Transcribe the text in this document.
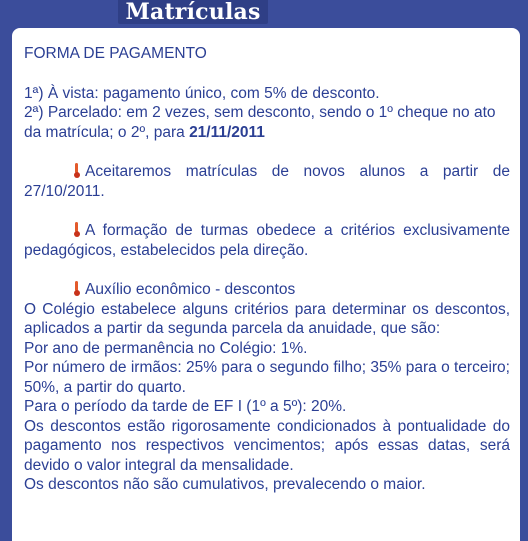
Matrículas

FORMA DE PAGAMENTO

1ª) À vista: pagamento único, com 5% de desconto.

2ª) Parcelado: em 2 vezes, sem desconto, sendo o 1º cheque no ato da matrícula; o 2º, para 21/11/2011

Aceitaremos matrículas de novos alunos a partir de 27/10/2011.

A formação de turmas obedece a critérios exclusivamente pedagógicos, estabelecidos pela direção.

Auxílio econômico - descontos

O Colégio estabelece alguns critérios para determinar os descontos, aplicados a partir da segunda parcela da anuidade, que são:

Por ano de permanência no Colégio: 1%.

Por número de irmãos: 25% para o segundo filho; 35% para o terceiro; 50%, a partir do quarto.

Para o período da tarde de EF I (1º a 5º): 20%.

Os descontos estão rigorosamente condicionados à pontualidade do pagamento nos respectivos vencimentos; após essas datas, será devido o valor integral da mensalidade.

Os descontos não são cumulativos, prevalecendo o maior.
